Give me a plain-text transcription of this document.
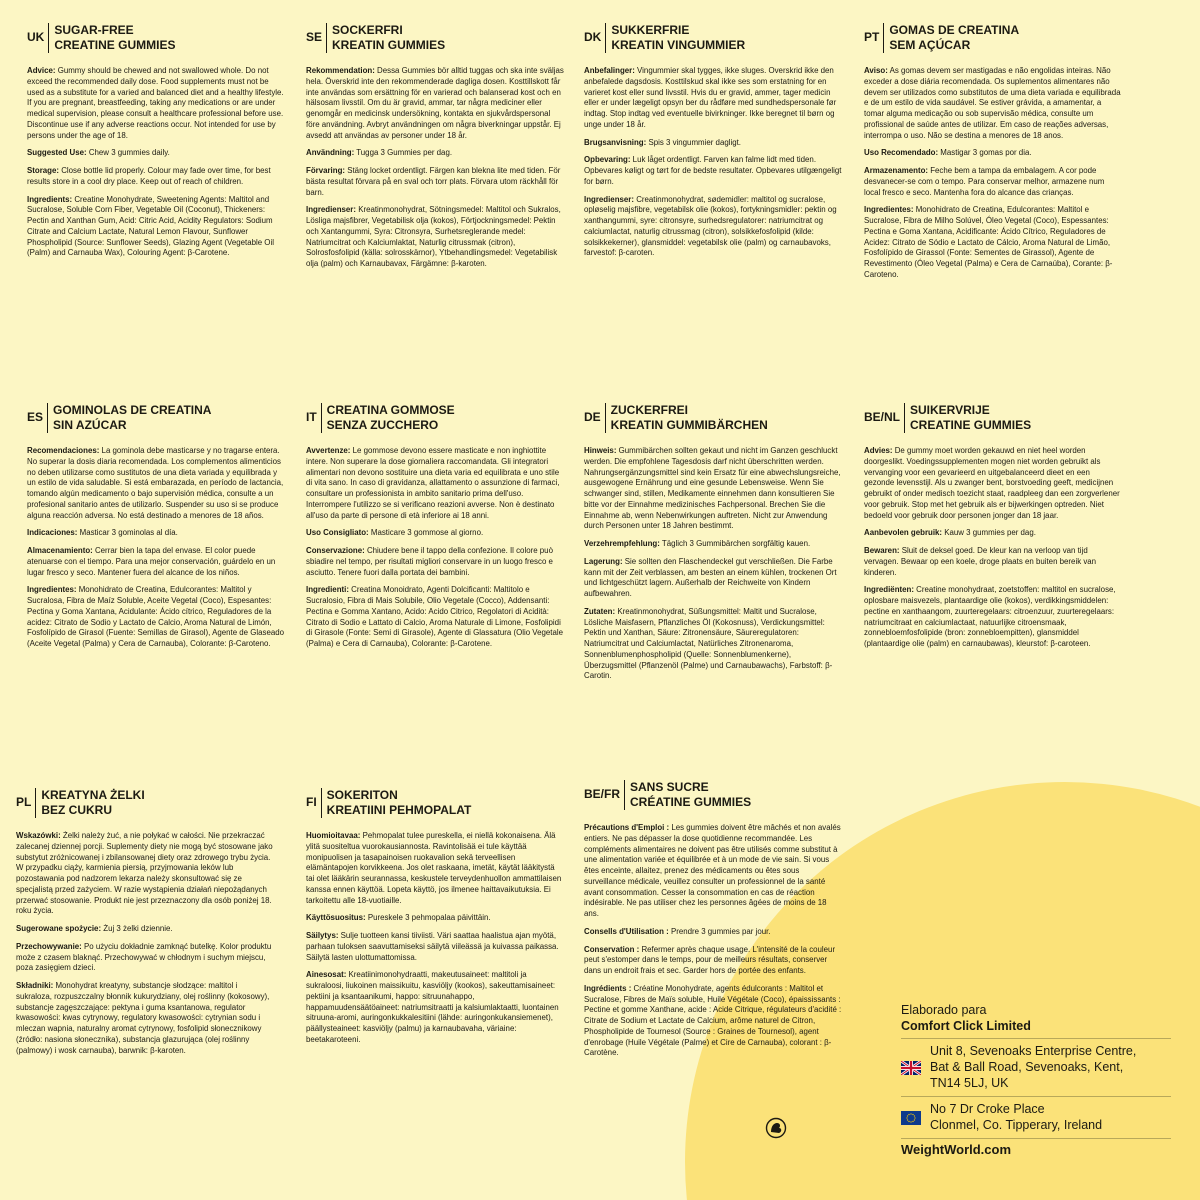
UK SUGAR-FREE
CREATINE GUMMIES

Advice: Gummy should be chewed and not swallowed whole. Do not exceed the recommended daily dose. Food supplements must not be used as a substitute for a varied and balanced diet and a healthy lifestyle. If you are pregnant, breastfeeding, taking any medications or are under medical supervision, please consult a healthcare professional before use. Discontinue use if any adverse reactions occur. Not intended for use by persons under the age of 18.

Suggested Use: Chew 3 gummies daily.

Storage: Close bottle lid properly. Colour may fade over time, for best results store in a cool dry place. Keep out of reach of children.

Ingredients: Creatine Monohydrate, Sweetening Agents: Maltitol and Sucralose, Soluble Corn Fiber, Vegetable Oil (Coconut), Thickeners: Pectin and Xanthan Gum, Acid: Citric Acid, Acidity Regulators: Sodium Citrate and Calcium Lactate, Natural Lemon Flavour, Sunflower Phospholipid (Source: Sunflower Seeds), Glazing Agent (Vegetable Oil (Palm) and Carnauba Wax), Colouring Agent: β-Carotene.

SE SOCKERFRI
KREATIN GUMMIES

Rekommendation: Dessa Gummies bör alltid tuggas och ska inte sväljas hela. Överskrid inte den rekommenderade dagliga dosen. Kosttillskott får inte användas som ersättning för en varierad och balanserad kost och en hälsosam livsstil. Om du är gravid, ammar, tar några mediciner eller genomgår en medicinsk undersökning, kontakta en sjukvårdspersonal före användning. Avbryt användningen om några biverkningar uppstår. Ej avsedd att användas av personer under 18 år.

Användning: Tugga 3 Gummies per dag.

Förvaring: Stäng locket ordentligt. Färgen kan blekna lite med tiden. För bästa resultat förvara på en sval och torr plats. Förvara utom räckhåll för barn.

Ingredienser: Kreatinmonohydrat, Sötningsmedel: Maltitol och Sukralos, Lösliga majsfibrer, Vegetabilisk olja (kokos), Förtjockningsmedel: Pektin och Xantangummi, Syra: Citronsyra, Surhetsreglerande medel: Natriumcitrat och Kalciumlaktat, Naturlig citrussmak (citron), Solrosfosfolipid (källa: solrosskärnor), Ytbehandlingsmedel: Vegetabilisk olja (palm) och Karnaubavax, Färgämne: β-karoten.

DK SUKKERFRIE
KREATIN VINGUMMIER

Anbefalinger: Vingummier skal tygges, ikke sluges. Overskrid ikke den anbefalede dagsdosis. Kosttilskud skal ikke ses som erstatning for en varieret kost eller sund livsstil. Hvis du er gravid, ammer, tager medicin eller er under lægeligt opsyn ber du rådføre med sundhedspersonale før indtag. Stop indtag ved eventuelle bivirkninger. Ikke beregnet til børn og unge under 18 år.

Brugsanvisning: Spis 3 vingummier dagligt.

Opbevaring: Luk låget ordentligt. Farven kan falme lidt med tiden. Opbevares køligt og tørt for de bedste resultater. Opbevares utilgængeligt for børn.

Ingredienser: Creatinmonohydrat, sødemidler: maltitol og sucralose, opløselig majsfibre, vegetabilsk olie (kokos), fortykningsmidler: pektin og xanthangummi, syre: citronsyre, surhedsregulatorer: natriumcitrat og calciumlactat, naturlig citrussmag (citron), solsikkefosfolipid (kilde: solsikkekerner), glansmiddel: vegetabilsk olie (palm) og carnaubavoks, farvestof: β-caroten.

PT GOMAS DE CREATINA
SEM AÇÚCAR

Aviso: As gomas devem ser mastigadas e não engolidas inteiras. Não exceder a dose diária recomendada. Os suplementos alimentares não devem ser utilizados como substitutos de uma dieta variada e equilibrada e de um estilo de vida saudável. Se estiver grávida, a amamentar, a tomar alguma medicação ou sob supervisão médica, consulte um profissional de saúde antes de utilizar. Em caso de reações adversas, interrompa o uso. Não se destina a menores de 18 anos.

Uso Recomendado: Mastigar 3 gomas por dia.

Armazenamento: Feche bem a tampa da embalagem. A cor pode desvanecer-se com o tempo. Para conservar melhor, armazene num local fresco e seco. Mantenha fora do alcance das crianças.

Ingredientes: Monohidrato de Creatina, Edulcorantes: Maltitol e Sucralose, Fibra de Milho Solúvel, Óleo Vegetal (Coco), Espessantes: Pectina e Goma Xantana, Acidificante: Ácido Cítrico, Reguladores de Acidez: Citrato de Sódio e Lactato de Cálcio, Aroma Natural de Limão, Fosfolípido de Girassol (Fonte: Sementes de Girassol), Agente de Revestimento (Óleo Vegetal (Palma) e Cera de Carnaúba), Corante: β-Caroteno.

ES GOMINOLAS DE CREATINA
SIN AZÚCAR

Recomendaciones: La gominola debe masticarse y no tragarse entera. No superar la dosis diaria recomendada. Los complementos alimenticios no deben utilizarse como sustitutos de una dieta variada y equilibrada y un estilo de vida saludable. Si está embarazada, en período de lactancia, tomando algún medicamento o bajo supervisión médica, consulte a un profesional sanitario antes de utilizarlo. Suspender su uso si se produce alguna reacción adversa. No está destinado a menores de 18 años.

Indicaciones: Masticar 3 gominolas al día.

Almacenamiento: Cerrar bien la tapa del envase. El color puede atenuarse con el tiempo. Para una mejor conservación, guárdelo en un lugar fresco y seco. Mantener fuera del alcance de los niños.

Ingredientes: Monohidrato de Creatina, Edulcorantes: Maltitol y Sucralosa, Fibra de Maíz Soluble, Aceite Vegetal (Coco), Espesantes: Pectina y Goma Xantana, Acidulante: Ácido cítrico, Reguladores de la acidez: Citrato de Sodio y Lactato de Calcio, Aroma Natural de Limón, Fosfolípido de Girasol (Fuente: Semillas de Girasol), Agente de Glaseado (Aceite Vegetal (Palma) y Cera de Carnauba), Colorante: β-Caroteno.

IT CREATINA GOMMOSE
SENZA ZUCCHERO

Avvertenze: Le gommose devono essere masticate e non inghiottite intere. Non superare la dose giornaliera raccomandata. Gli integratori alimentari non devono sostituire una dieta varia ed equilibrata e uno stile di vita sano. In caso di gravidanza, allattamento o assunzione di farmaci, consultare un professionista in ambito sanitario prima dell'uso. Interrompere l'utilizzo se si verificano reazioni avverse. Non è destinato all'uso da parte di persone di età inferiore ai 18 anni.

Uso Consigliato: Masticare 3 gommose al giorno.

Conservazione: Chiudere bene il tappo della confezione. Il colore può sbiadire nel tempo, per risultati migliori conservare in un luogo fresco e asciutto. Tenere fuori dalla portata dei bambini.

Ingredienti: Creatina Monoidrato, Agenti Dolcificanti: Maltitolo e Sucralosio, Fibra di Mais Solubile, Olio Vegetale (Cocco), Addensanti: Pectina e Gomma Xantano, Acido: Acido Citrico, Regolatori di Acidità: Citrato di Sodio e Lattato di Calcio, Aroma Naturale di Limone, Fosfolipidi di Girasole (Fonte: Semi di Girasole), Agente di Glassatura (Olio Vegetale (Palma) e Cera di Carnauba), Colorante: β-Carotene.

DE ZUCKERFREI
KREATIN GUMMIBÄRCHEN

Hinweis: Gummibärchen sollten gekaut und nicht im Ganzen geschluckt werden. Die empfohlene Tagesdosis darf nicht überschritten werden. Nahrungsergänzungsmittel sind kein Ersatz für eine abwechslungsreiche, ausgewogene Ernährung und eine gesunde Lebensweise. Wenn Sie schwanger sind, stillen, Medikamente einnehmen dann konsultieren Sie bitte vor der Einnahme medizinisches Fachpersonal. Brechen Sie die Einnahme ab, wenn Nebenwirkungen auftreten. Nicht zur Anwendung durch Personen unter 18 Jahren bestimmt.

Verzehrempfehlung: Täglich 3 Gummibärchen sorgfältig kauen.

Lagerung: Sie sollten den Flaschendeckel gut verschließen. Die Farbe kann mit der Zeit verblassen, am besten an einem kühlen, trockenen Ort und lichtgeschützt lagern. Außerhalb der Reichweite von Kindern aufbewahren.

Zutaten: Kreatinmonohydrat, Süßungsmittel: Maltit und Sucralose, Lösliche Maisfasern, Pflanzliches Öl (Kokosnuss), Verdickungsmittel: Pektin und Xanthan, Säure: Zitronensäure, Säureregulatoren: Natriumcitrat und Calciumlactat, Natürliches Zitronenaroma, Sonnenblumenphospholipid (Quelle: Sonnenblumenkerne), Überzugsmittel (Pflanzenöl (Palme) und Carnaubawachs), Farbstoff: β-Carotin.

BE/NL SUIKERVRIJE
CREATINE GUMMIES

Advies: De gummy moet worden gekauwd en niet heel worden doorgeslikt. Voedingssupplementen mogen niet worden gebruikt als vervanging voor een gevarieerd en uitgebalanceerd dieet en een gezonde levensstijl. Als u zwanger bent, borstvoeding geeft, medicijnen gebruikt of onder medisch toezicht staat, raadpleeg dan een zorgverlener voor gebruik. Stop met het gebruik als er bijwerkingen optreden. Niet bedoeld voor gebruik door personen jonger dan 18 jaar.

Aanbevolen gebruik: Kauw 3 gummies per dag.

Bewaren: Sluit de deksel goed. De kleur kan na verloop van tijd vervagen. Bewaar op een koele, droge plaats en buiten bereik van kinderen.

Ingrediënten: Creatine monohydraat, zoetstoffen: maltitol en sucralose, oplosbare maisvezels, plantaardige olie (kokos), verdikkingsmiddelen: pectine en xanthaangom, zuurteregelaars: citroenzuur, zuurteregelaars: natriumcitraat en calciumlactaat, natuurlijke citroensmaak, zonnebloemfosfolipide (bron: zonnebloempitten), glansmiddel (plantaardige olie (palm) en carnaubawas), kleurstof: β-caroteen.

PL KREATYNA ŻELKI
BEZ CUKRU

Wskazówki: Żelki należy żuć, a nie połykać w całości. Nie przekraczać zalecanej dziennej porcji. Suplementy diety nie mogą być stosowane jako substytut zróżnicowanej i zbilansowanej diety oraz zdrowego trybu życia. W przypadku ciąży, karmienia piersią, przyjmowania leków lub pozostawania pod nadzorem lekarza należy skonsultować się ze specjalistą przed zażyciem. W razie wystąpienia działań niepożądanych przerwać stosowanie. Produkt nie jest przeznaczony dla osób poniżej 18. roku życia.

Sugerowane spożycie: Żuj 3 żelki dziennie.

Przechowywanie: Po użyciu dokładnie zamknąć butelkę. Kolor produktu może z czasem blaknąć. Przechowywać w chłodnym i suchym miejscu, poza zasięgiem dzieci.

Składniki: Monohydrat kreatyny, substancje słodzące: maltitol i sukraloza, rozpuszczalny błonnik kukurydziany, olej roślinny (kokosowy), substancje zagęszczające: pektyna i guma ksantanowa, regulator kwasowości: kwas cytrynowy, regulatory kwasowości: cytrynian sodu i mleczan wapnia, naturalny aromat cytrynowy, fosfolipid słonecznikowy (źródło: nasiona słonecznika), substancja glazurująca (olej roślinny (palmowy) i wosk carnauba), barwnik: β-karoten.

FI SOKERITON
KREATIINI PEHMOPALAT

Huomioitavaa: Pehmopalat tulee pureskella, ei niellä kokonaisena. Älä ylitä suositeltua vuorokausiannosta. Ravintolisää ei tule käyttää monipuolisen ja tasapainoisen ruokavalion sekä terveellisen elämäntapojen korvikkeena. Jos olet raskaana, imetät, käytät lääkitystä tai olet lääkärin seurannassa, keskustele terveydenhuollon ammattilaisen kanssa ennen käyttöä. Lopeta käyttö, jos ilmenee haittavaikutuksia. Ei tarkoitettu alle 18-vuotiaille.

Käyttösuositus: Pureskele 3 pehmopalaa päivittäin.

Säilytys: Sulje tuotteen kansi tiiviisti. Väri saattaa haalistua ajan myötä, parhaan tuloksen saavuttamiseksi säilytä viileässä ja kuivassa paikassa. Säilytä lasten ulottumattomissa.

Ainesosat: Kreatiinimonohydraatti, makeutusaineet: maltitoli ja sukraloosi, liukoinen maissikuitu, kasviöljy (kookos), sakeuttamisaineet: pektiini ja ksantaanikumi, happo: sitruunahappo, happamuudensäätöaineet: natriumsitraatti ja kalsiumlaktaatti, luontainen sitruuna-aromi, auringonkukkalesitiini (lähde: auringonkukansiemenet), päällysteaineet: kasviöljy (palmu) ja karnaubavaha, väriaine: beetakaroteeni.

BE/FR SANS SUCRE
CRÉATINE GUMMIES

Précautions d'Emploi : Les gummies doivent être mâchés et non avalés entiers. Ne pas dépasser la dose quotidienne recommandée. Les compléments alimentaires ne doivent pas être utilisés comme substitut à une alimentation variée et équilibrée et à un mode de vie sain. Si vous êtes enceinte, allaitez, prenez des médicaments ou êtes sous surveillance médicale, veuillez consulter un professionnel de la santé avant consommation. Cesser la consommation en cas de réaction indésirable. Ne pas utiliser chez les personnes âgées de moins de 18 ans.

Consells d'Utilisation : Prendre 3 gummies par jour.

Conservation : Refermer après chaque usage. L'intensité de la couleur peut s'estomper dans le temps, pour de meilleurs résultats, conserver dans un endroit frais et sec. Garder hors de portée des enfants.

Ingrédients : Créatine Monohydrate, agents édulcorants : Maltitol et Sucralose, Fibres de Maïs soluble, Huile Végétale (Coco), épaississants : Pectine et gomme Xanthane, acide : Acide Citrique, régulateurs d'acidité : Citrate de Sodium et Lactate de Calcium, arôme naturel de Citron, Phospholipide de Tournesol (Source : Graines de Tournesol), agent d'enrobage (Huile Végétale (Palme) et Cire de Carnauba), colorant : β-Carotène.

Elaborado para
Comfort Click Limited
Unit 8, Sevenoaks Enterprise Centre,
Bat & Ball Road, Sevenoaks, Kent,
TN14 5LJ, UK
No 7 Dr Croke Place
Clonmel, Co. Tipperary, Ireland
WeightWorld.com
